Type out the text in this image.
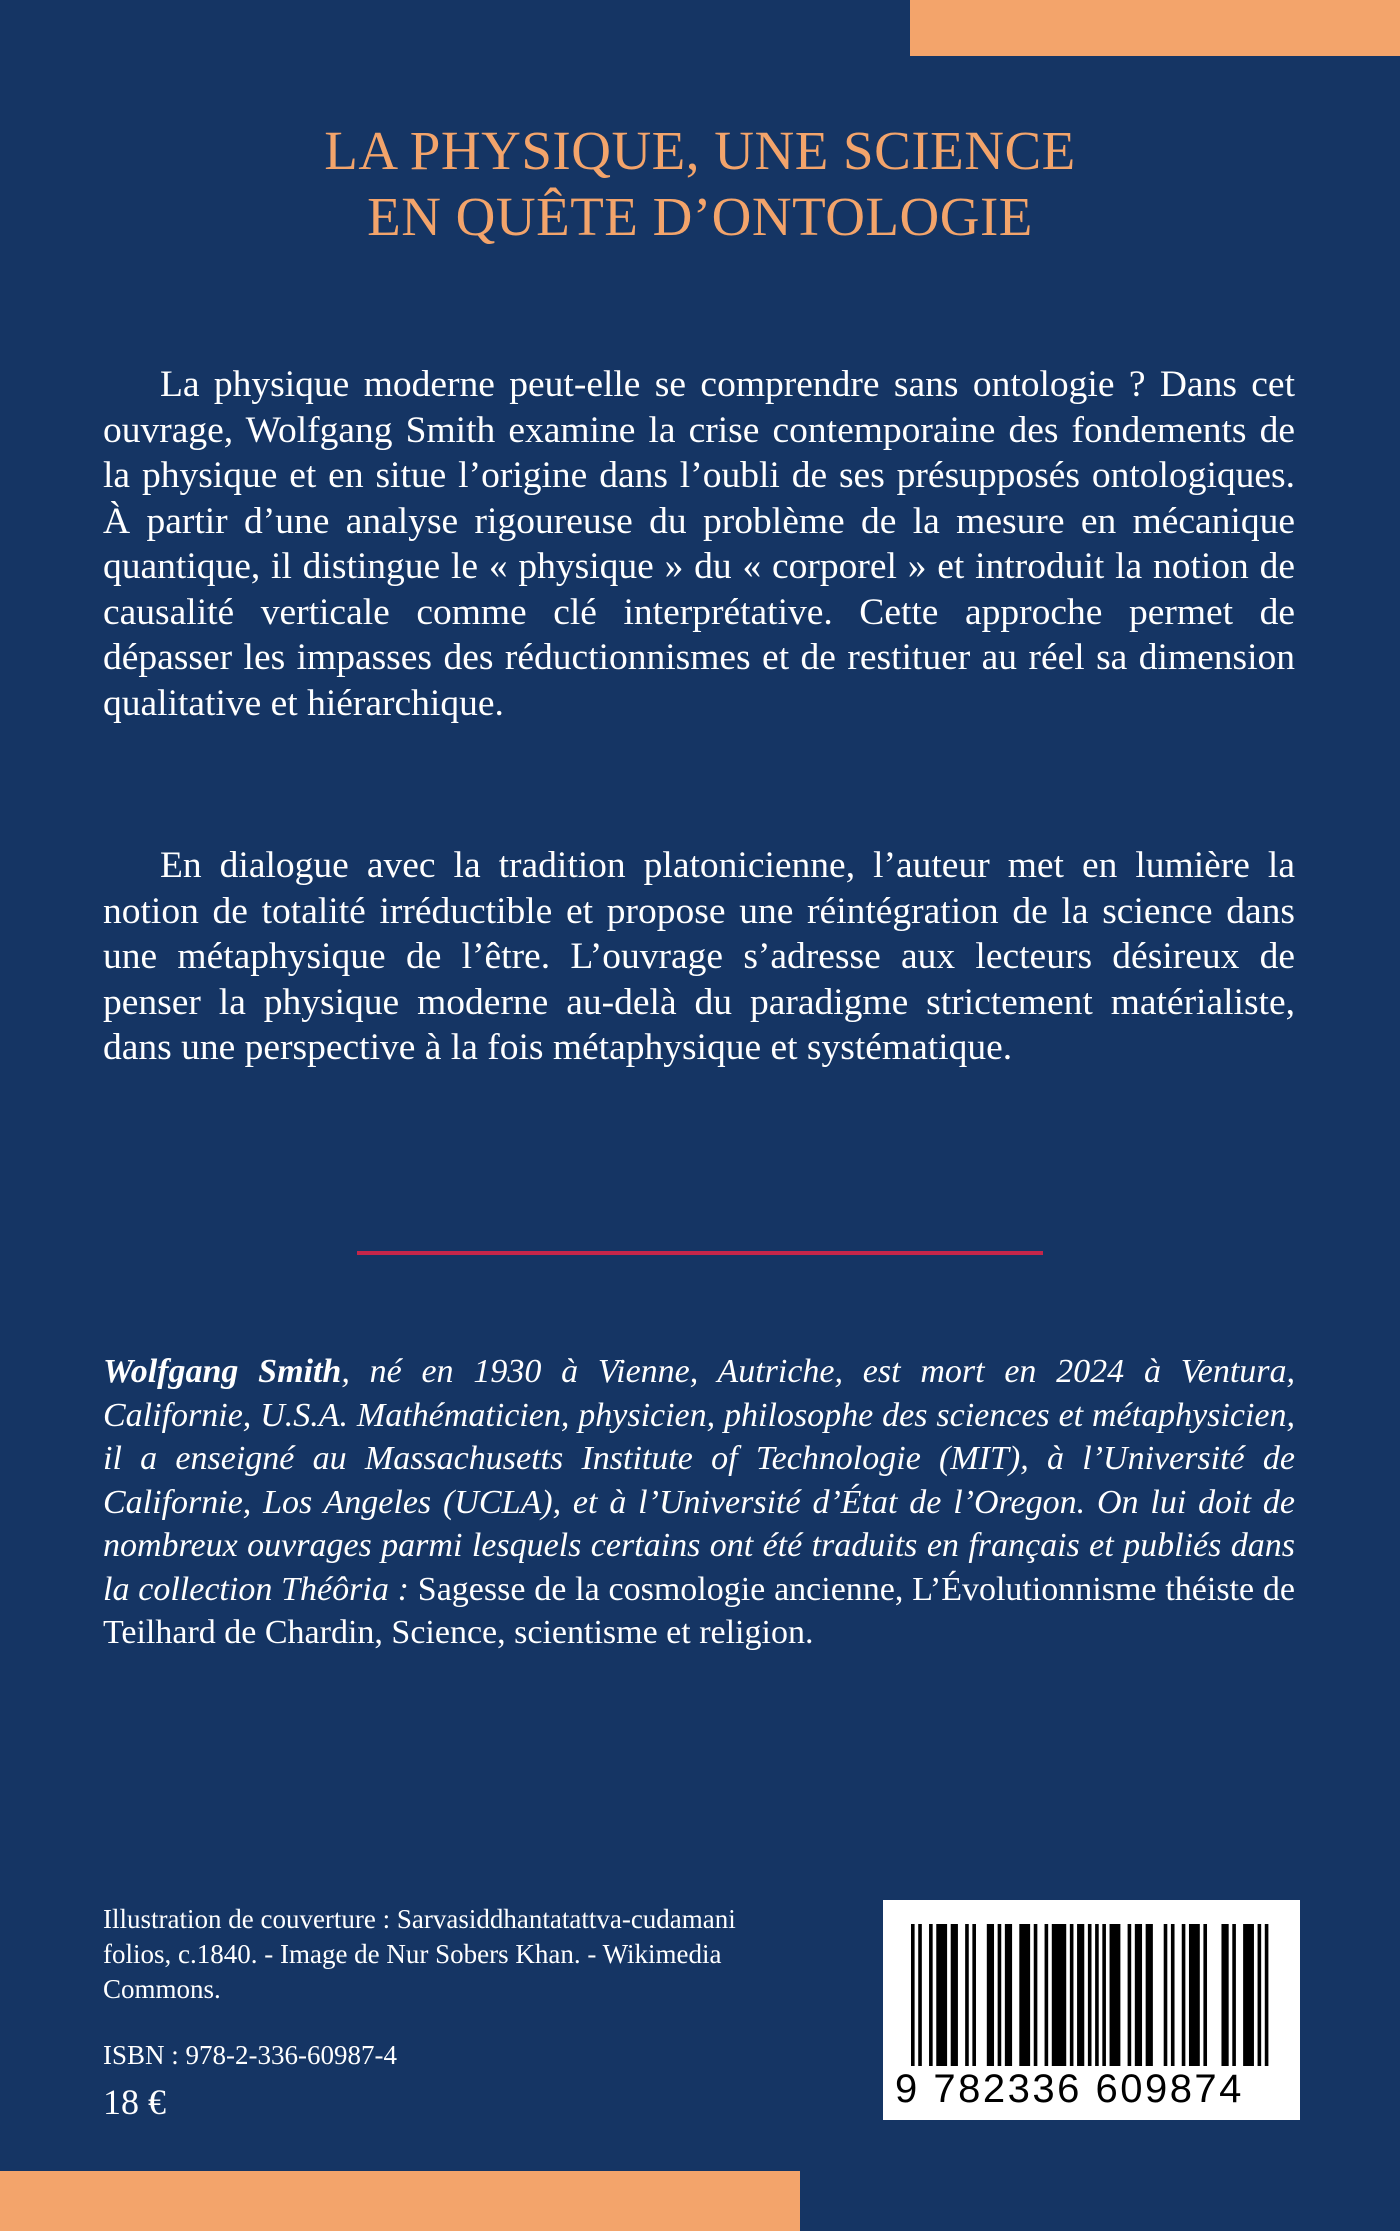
LA PHYSIQUE, UNE SCIENCE
EN QUÊTE D’ONTOLOGIE

La physique moderne peut-elle se comprendre sans ontologie ? Dans cet ouvrage, Wolfgang Smith examine la crise contemporaine des fondements de la physique et en situe l’origine dans l’oubli de ses présupposés ontologiques. À partir d’une analyse rigoureuse du problème de la mesure en mécanique quantique, il distingue le « physique » du « corporel » et introduit la notion de causalité verticale comme clé interprétative. Cette approche permet de dépasser les impasses des réductionnismes et de restituer au réel sa dimension qualitative et hiérarchique.

En dialogue avec la tradition platonicienne, l’auteur met en lumière la notion de totalité irréductible et propose une réintégration de la science dans une métaphysique de l’être. L’ouvrage s’adresse aux lecteurs désireux de penser la physique moderne au-delà du paradigme strictement matérialiste, dans une perspective à la fois métaphysique et systématique.

Wolfgang Smith, né en 1930 à Vienne, Autriche, est mort en 2024 à Ventura, Californie, U.S.A. Mathématicien, physicien, philosophe des sciences et métaphysicien, il a enseigné au Massachusetts Institute of Technologie (MIT), à l’Université de Californie, Los Angeles (UCLA), et à l’Université d’État de l’Oregon. On lui doit de nombreux ouvrages parmi lesquels certains ont été traduits en français et publiés dans la collection Théôria : Sagesse de la cosmologie ancienne, L’Évolutionnisme théiste de Teilhard de Chardin, Science, scientisme et religion.

Illustration de couverture : Sarvasiddhantatattva-cudamani folios, c.1840. - Image de Nur Sobers Khan. - Wikimedia Commons.

ISBN : 978-2-336-60987-4
18 €	9 782336 609874
